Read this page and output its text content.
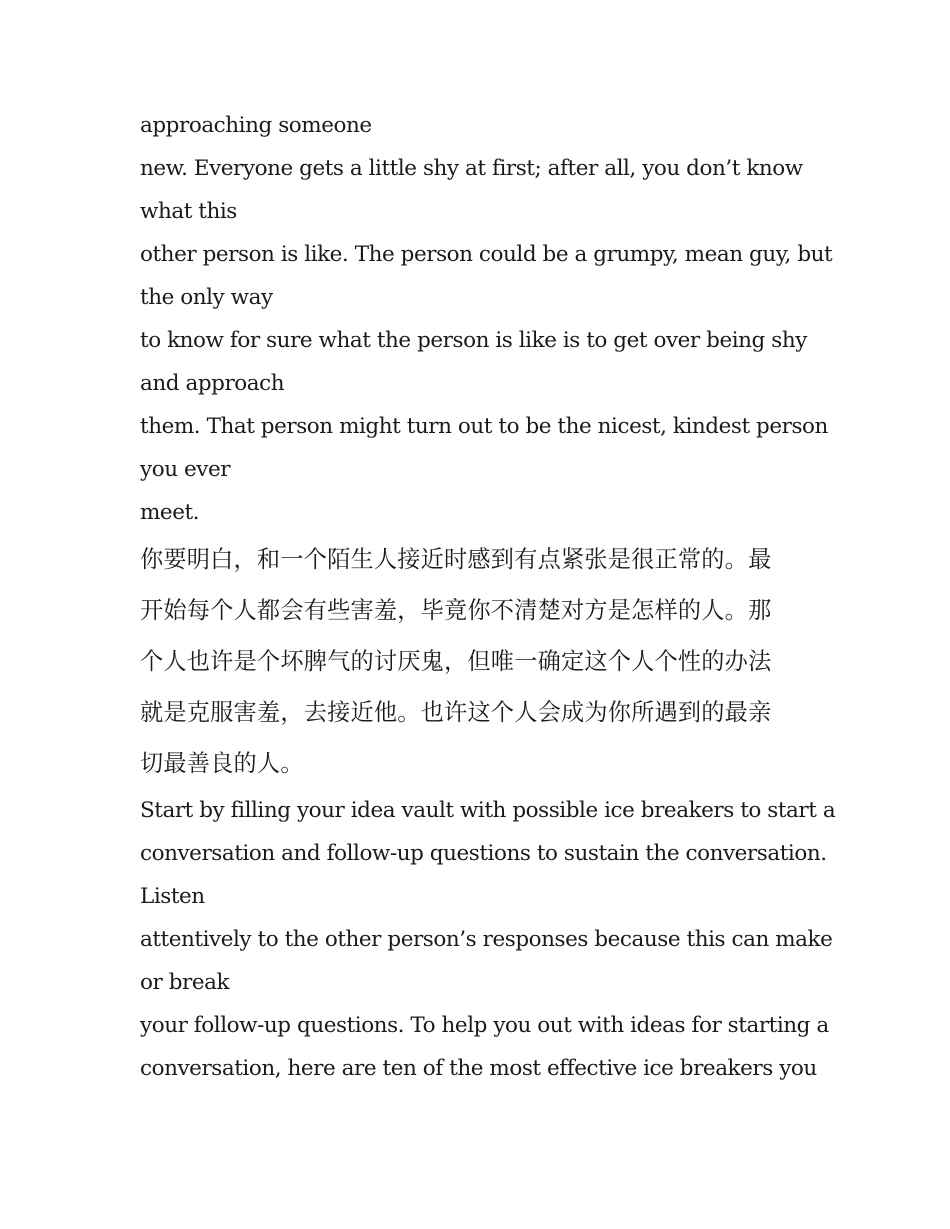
approaching someone
new. Everyone gets a little shy at first; after all, you don’t know
what this
other person is like. The person could be a grumpy, mean guy, but
the only way
to know for sure what the person is like is to get over being shy
and approach
them. That person might turn out to be the nicest, kindest person
you ever
meet.
你要明白，和一个陌生人接近时感到有点紧张是很正常的。最
开始每个人都会有些害羞，毕竟你不清楚对方是怎样的人。那
个人也许是个坏脾气的讨厌鬼，但唯一确定这个人个性的办法
就是克服害羞，去接近他。也许这个人会成为你所遇到的最亲
切最善良的人。
Start by filling your idea vault with possible ice breakers to start a
conversation and follow-up questions to sustain the conversation.
Listen
attentively to the other person’s responses because this can make
or break
your follow-up questions. To help you out with ideas for starting a
conversation, here are ten of the most effective ice breakers you
